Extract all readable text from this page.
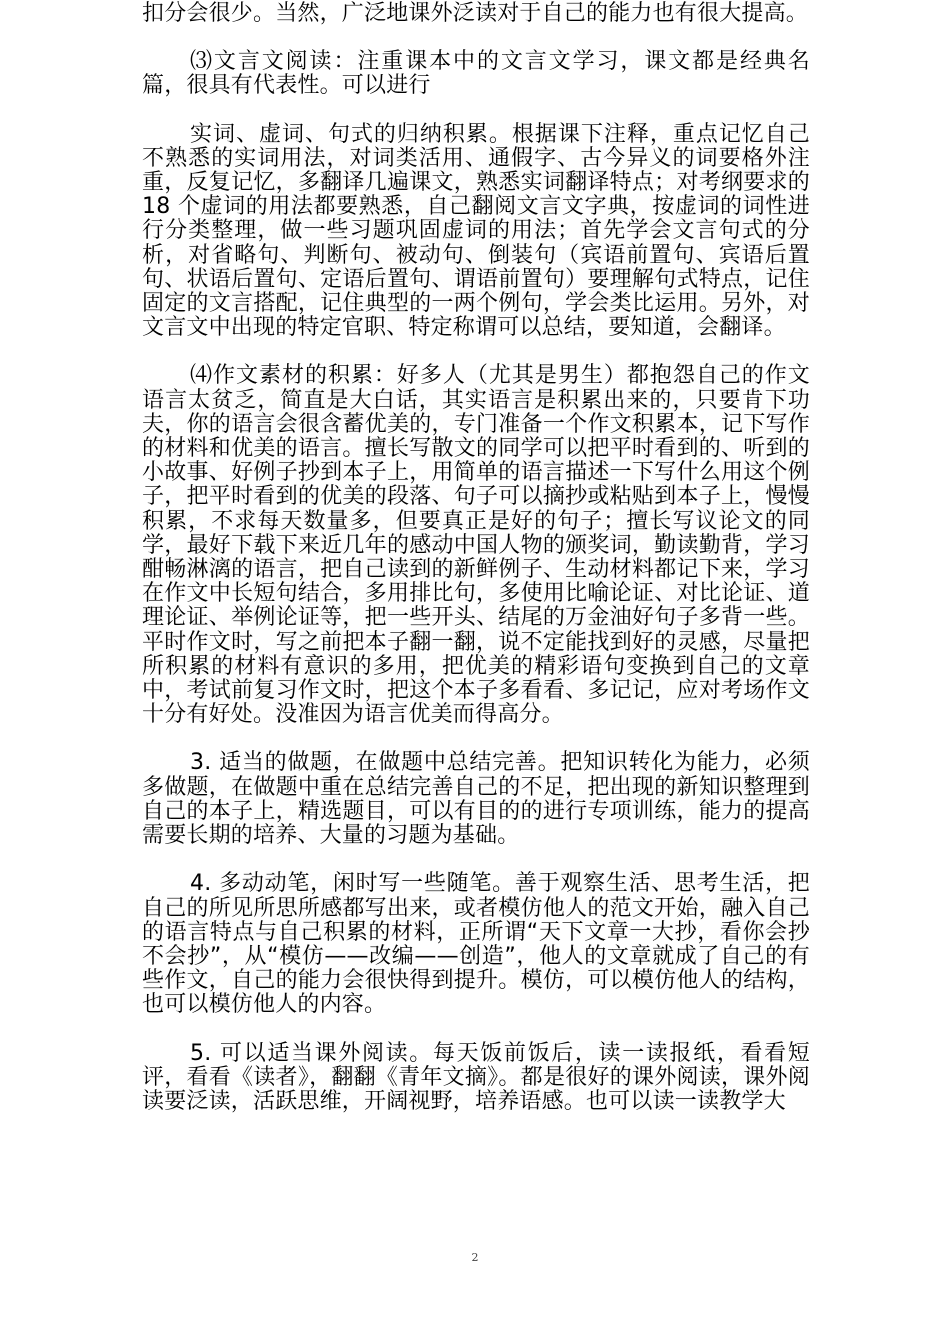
扣分会很少。当然，广泛地课外泛读对于自己的能力也有很大提高。

⑶文言文阅读：注重课本中的文言文学习，课文都是经典名篇，很具有代表性。可以进行

实词、虚词、句式的归纳积累。根据课下注释，重点记忆自己不熟悉的实词用法，对词类活用、通假字、古今异义的词要格外注重，反复记忆，多翻译几遍课文，熟悉实词翻译特点；对考纲要求的 18 个虚词的用法都要熟悉，自己翻阅文言文字典，按虚词的词性进行分类整理，做一些习题巩固虚词的用法；首先学会文言句式的分析，对省略句、判断句、被动句、倒装句（宾语前置句、宾语后置句、状语后置句、定语后置句、谓语前置句）要理解句式特点，记住固定的文言搭配，记住典型的一两个例句，学会类比运用。另外，对文言文中出现的特定官职、特定称谓可以总结，要知道，会翻译。

⑷作文素材的积累：好多人（尤其是男生）都抱怨自己的作文语言太贫乏，简直是大白话，其实语言是积累出来的，只要肯下功夫，你的语言会很含蓄优美的，专门准备一个作文积累本，记下写作的材料和优美的语言。擅长写散文的同学可以把平时看到的、听到的小故事、好例子抄到本子上，用简单的语言描述一下写什么用这个例子，把平时看到的优美的段落、句子可以摘抄或粘贴到本子上，慢慢积累，不求每天数量多，但要真正是好的句子；擅长写议论文的同学，最好下载下来近几年的感动中国人物的颁奖词，勤读勤背，学习酣畅淋漓的语言，把自己读到的新鲜例子、生动材料都记下来，学习在作文中长短句结合，多用排比句，多使用比喻论证、对比论证、道理论证、举例论证等，把一些开头、结尾的万金油好句子多背一些。平时作文时，写之前把本子翻一翻，说不定能找到好的灵感，尽量把所积累的材料有意识的多用，把优美的精彩语句变换到自己的文章中，考试前复习作文时，把这个本子多看看、多记记，应对考场作文十分有好处。没准因为语言优美而得高分。

3. 适当的做题，在做题中总结完善。把知识转化为能力，必须多做题，在做题中重在总结完善自己的不足，把出现的新知识整理到自己的本子上，精选题目，可以有目的的进行专项训练，能力的提高需要长期的培养、大量的习题为基础。

4. 多动动笔，闲时写一些随笔。善于观察生活、思考生活，把自己的所见所思所感都写出来，或者模仿他人的范文开始，融入自己的语言特点与自己积累的材料，正所谓“天下文章一大抄，看你会抄不会抄”，从“模仿——改编——创造”，他人的文章就成了自己的有些作文，自己的能力会很快得到提升。模仿，可以模仿他人的结构，也可以模仿他人的内容。

5. 可以适当课外阅读。每天饭前饭后，读一读报纸，看看短评，看看《读者》，翻翻《青年文摘》。都是很好的课外阅读，课外阅读要泛读，活跃思维，开阔视野，培养语感。也可以读一读教学大

2
